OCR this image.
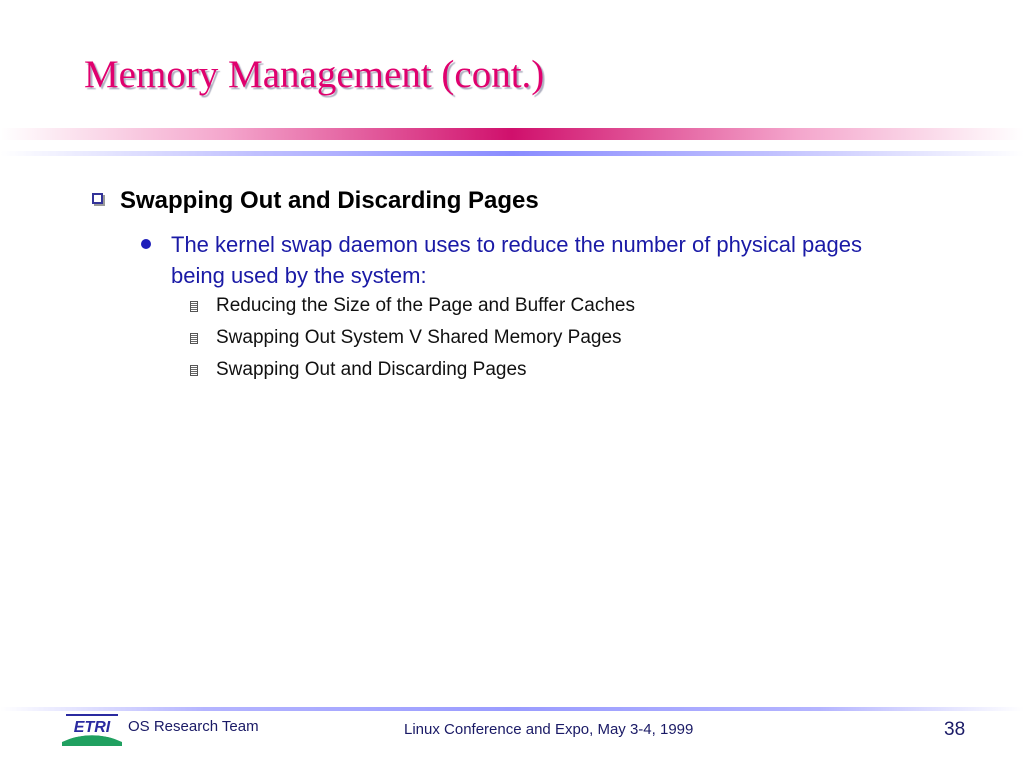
Memory Management (cont.)
Swapping Out and Discarding Pages
The kernel swap daemon uses to reduce the number of physical pages being used by the system:
Reducing the Size of the Page and Buffer Caches
Swapping Out System V Shared Memory Pages
Swapping Out and Discarding Pages
ETRI OS Research Team	Linux Conference and Expo, May 3-4, 1999	38
